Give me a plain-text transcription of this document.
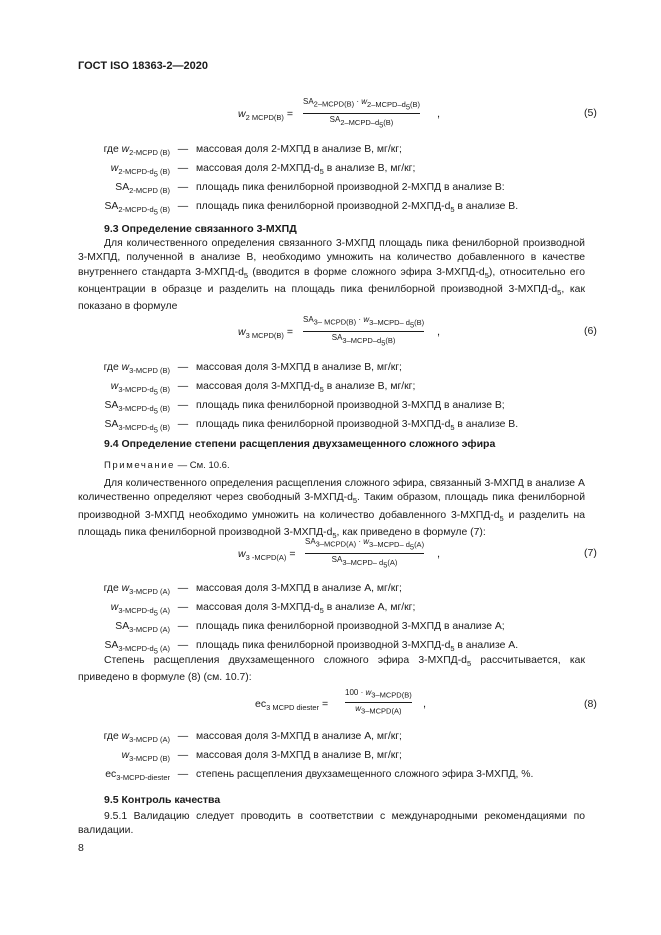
ГОСТ ISO 18363-2—2020
$w_{2 MCPD(B)}$ =
$SA_{2-MCPD(B)} \cdot w_{2-MCPD-d_5(B)}$
$SA_{2-MCPD-d_5(B)}$
,	(5)
где $w_{2-MCPD (B)}$ — массовая доля 2-МХПД в анализе B, мг/кг;
$w_{2-MCPD-d_5 (B)}$ — массовая доля $2-МХПД-d_5$ в анализе B, мг/кг;
$SA_{2-MCPD (B)}$ — площадь пика фенилборной производной 2-МХПД в анализе B:
$SA_{2-MCPD-d_5 (B)}$ — площадь пика фенилборной производной $2-МХПД-d_5$ в анализе B.
9.3 Определение связанного 3-МХПД
Для количественного определения связанного 3-МХПД площадь пика фенилборной производной 3-МХПД, полученной в анализе B, необходимо умножить на количество добавленного в качестве внутреннего стандарта $3-МХПД-d_5$ (вводится в форме сложного эфира $3-МХПД-d_5$), относительно его концентрации в образце и разделить на площадь пика фенилборной производной $3-МХПД-d_5$, как показано в формуле
$w_{3 MCPD(B)}$ =
$SA_{3- MCPD(B)} \cdot w_{3-MCPD- d_5(B)}$
$SA_{3-MCPD-d_5(B)}$
,	(6)
где $w_{3-MCPD (B)}$ — массовая доля 3-МХПД в анализе B, мг/кг;
$w_{3-MCPD-d_5 (B)}$ — массовая доля $3-МХПД-d_5$ в анализе B, мг/кг;
$SA_{3-MCPD-d_5 (B)}$ — площадь пика фенилборной производной 3-МХПД в анализе B;
$SA_{3-MCPD-d_5 (B)}$ — площадь пика фенилборной производной $3-МХПД-d_5$ в анализе B.
9.4 Определение степени расщепления двухзамещенного сложного эфира
Примечание — См. 10.6.
Для количественного определения расщепления сложного эфира, связанный 3-МХПД в анализе А количественно определяют через свободный $3-МХПД-d_5$. Таким образом, площадь пика фенилборной производной 3-МХПД необходимо умножить на количество добавленного $3-МХПД-d_5$ и разделить на площадь пика фенилборной производной $3-МХПД-d_5$, как приведено в формуле (7):
$w_{3 -MCPD(A)}$ =
$SA_{3-MCPD(A)} \cdot w_{3-MCPD- d_5(A)}$
$SA_{3-MCPD- d_5(A)}$
,	(7)
где $w_{3-MCPD (A)}$ — массовая доля 3-МХПД в анализе А, мг/кг;
$w_{3-MCPD-d_5 (A)}$ — массовая доля $3-МХПД-d_5$ в анализе А, мг/кг;
$SA_{3-MCPD (A)}$ — площадь пика фенилборной производной 3-МХПД в анализе А;
$SA_{3-MCPD-d_5 (A)}$ — площадь пика фенилборной производной $3-МХПД-d_5$ в анализе А.
Степень расщепления двухзамещенного сложного эфира $3-МХПД-d_5$ рассчитывается, как приведено в формуле (8) (см. 10.7):
$ec_{3 MCPD diester}$ =
$100 \cdot w_{3-MCPD(B)}$
$w_{3-MCPD(A)}$
,	(8)
где $w_{3-MCPD (A)}$ — массовая доля 3-МХПД в анализе А, мг/кг;
$w_{3-MCPD (B)}$ — массовая доля 3-МХПД в анализе B, мг/кг;
$ec_{3-MCPD-diester}$ — степень расщепления двухзамещенного сложного эфира 3-МХПД, %.
9.5 Контроль качества
9.5.1 Валидацию следует проводить в соответствии с международными рекомендациями по валидации.
8
